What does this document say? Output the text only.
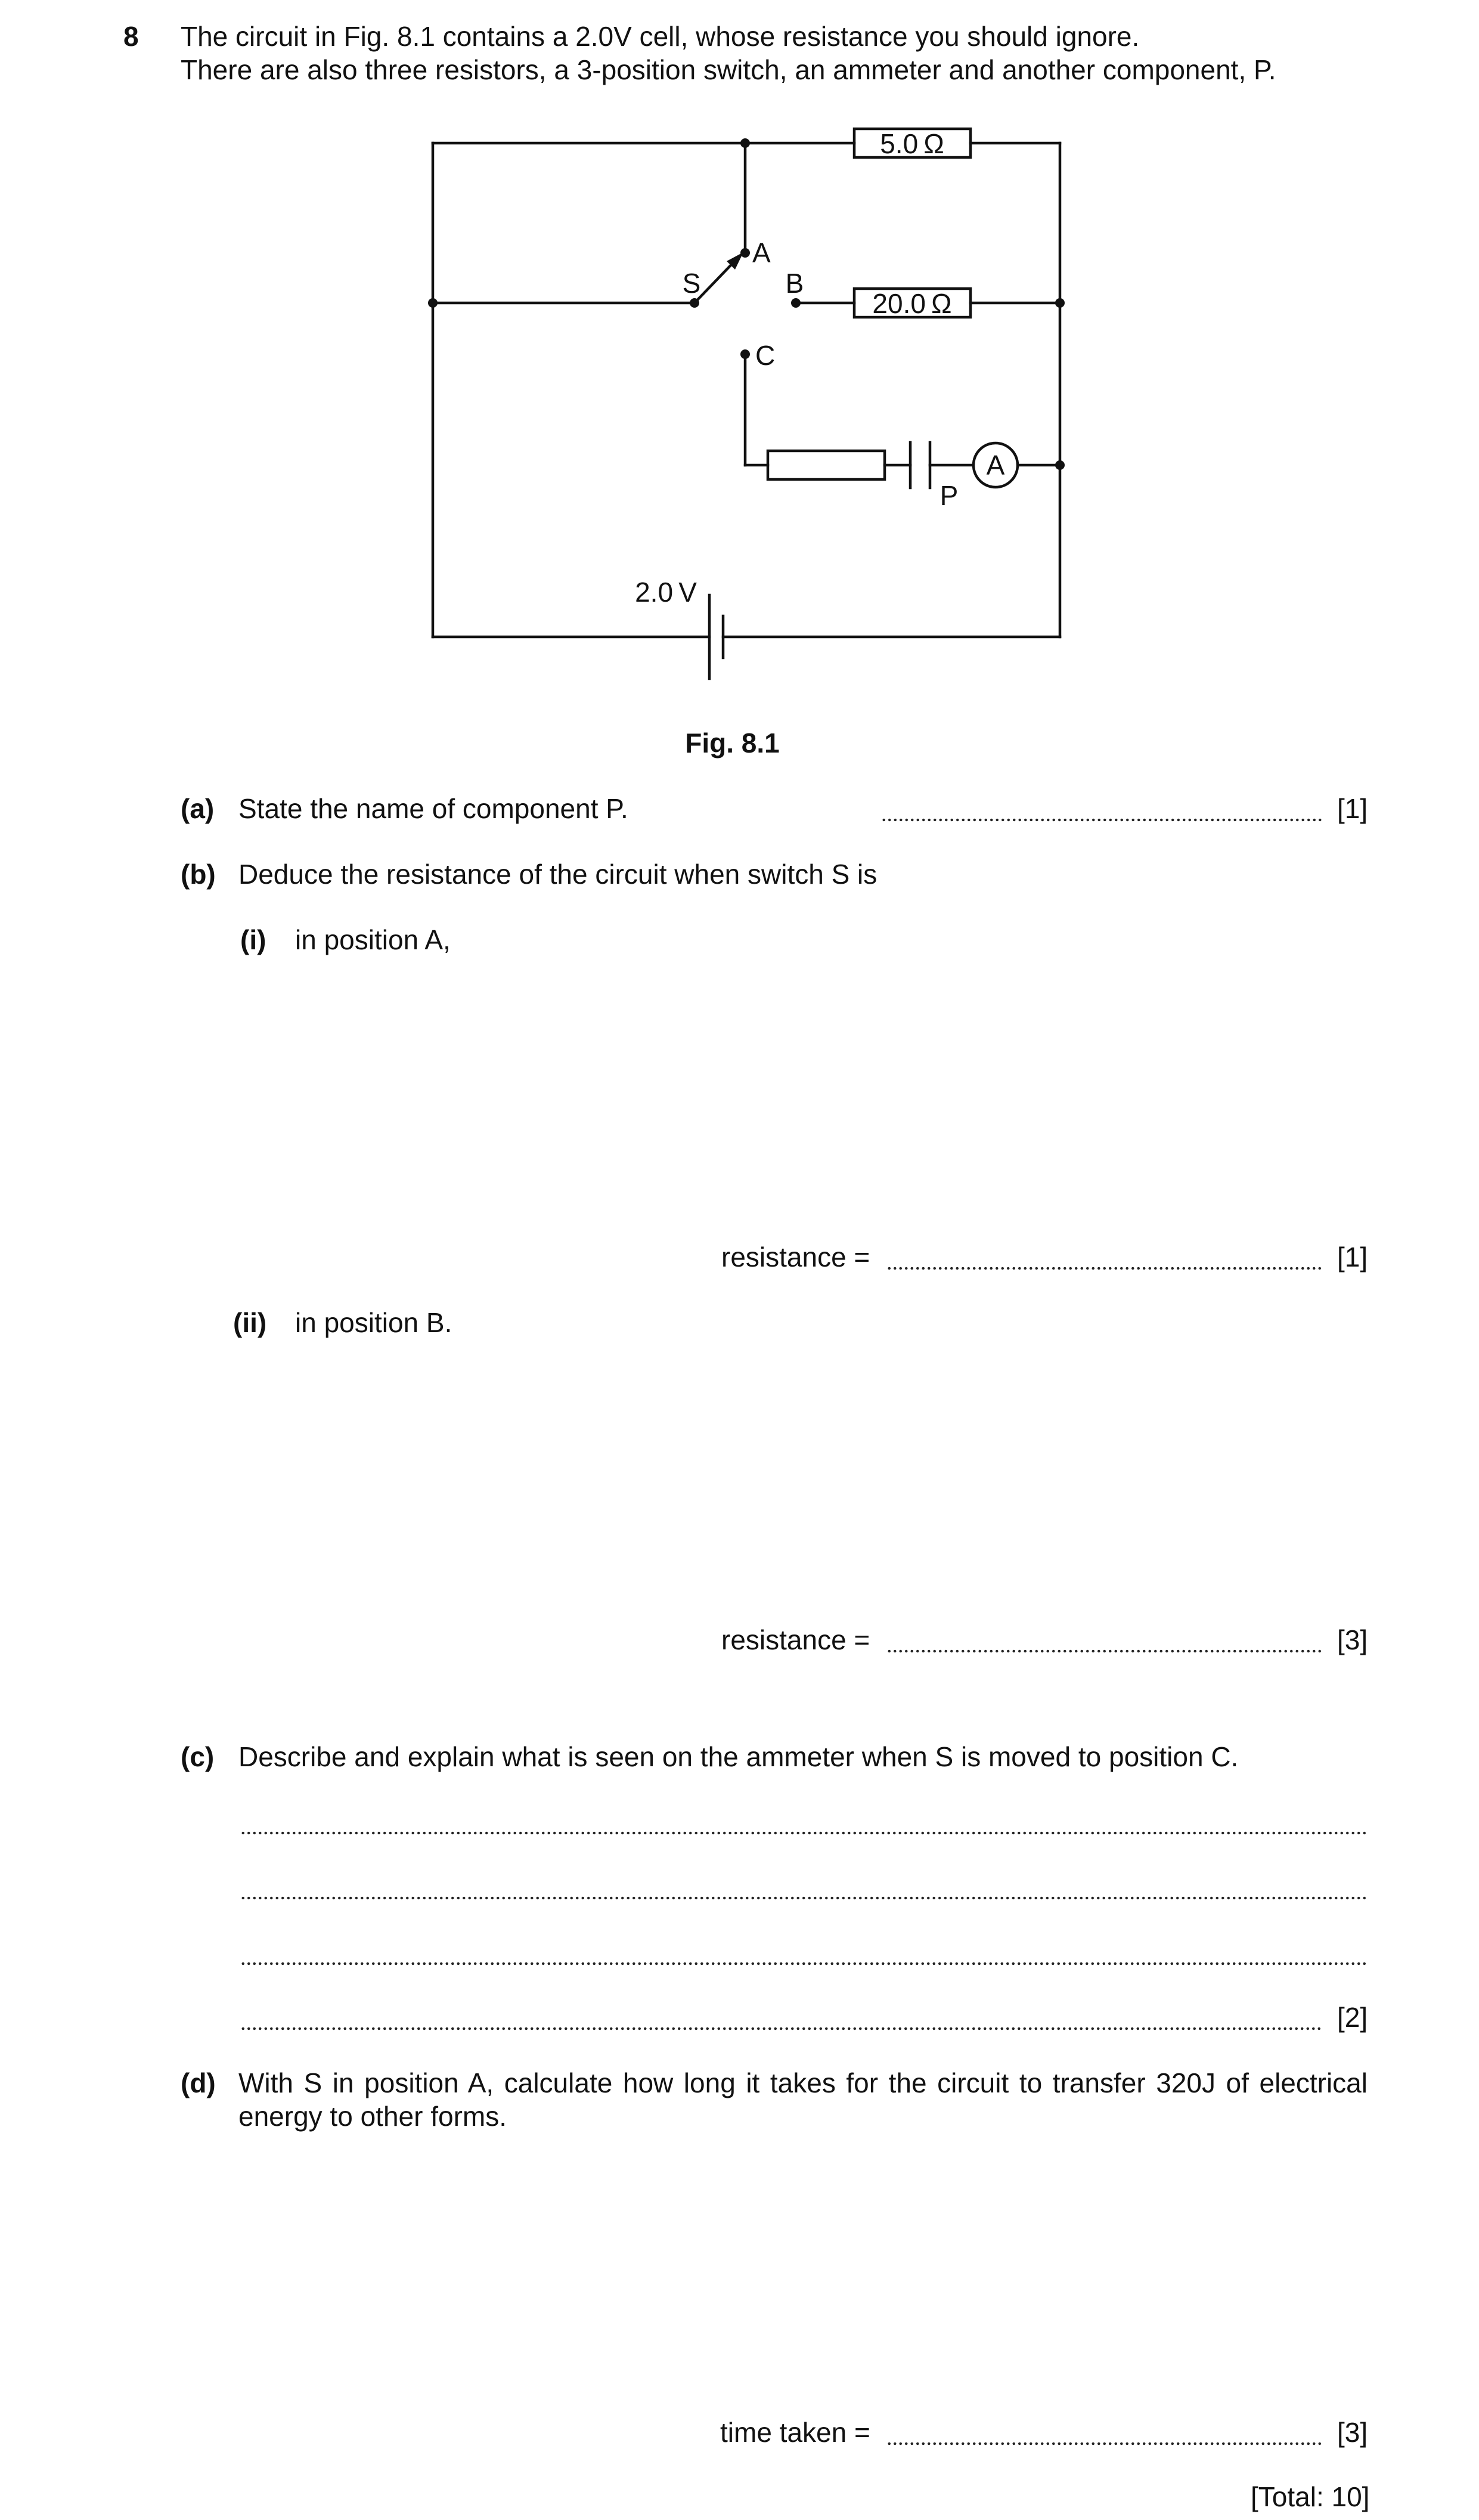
8 The circuit in Fig. 8.1 contains a 2.0V cell, whose resistance you should ignore.
There are also three resistors, a 3-position switch, an ammeter and another component, P.
5.0 Ω
20.0 Ω
S
A
B
C
P
A
2.0 V
Fig. 8.1
(a) State the name of component P.	[1]
(b) Deduce the resistance of the circuit when switch S is
(i) in position A,
resistance =	[1]
(ii) in position B.
resistance =	[3]
(c) Describe and explain what is seen on the ammeter when S is moved to position C.
[2]
(d) With S in position A, calculate how long it takes for the circuit to transfer 320J of electrical
energy to other forms.
time taken =	[3]
[Total: 10]
